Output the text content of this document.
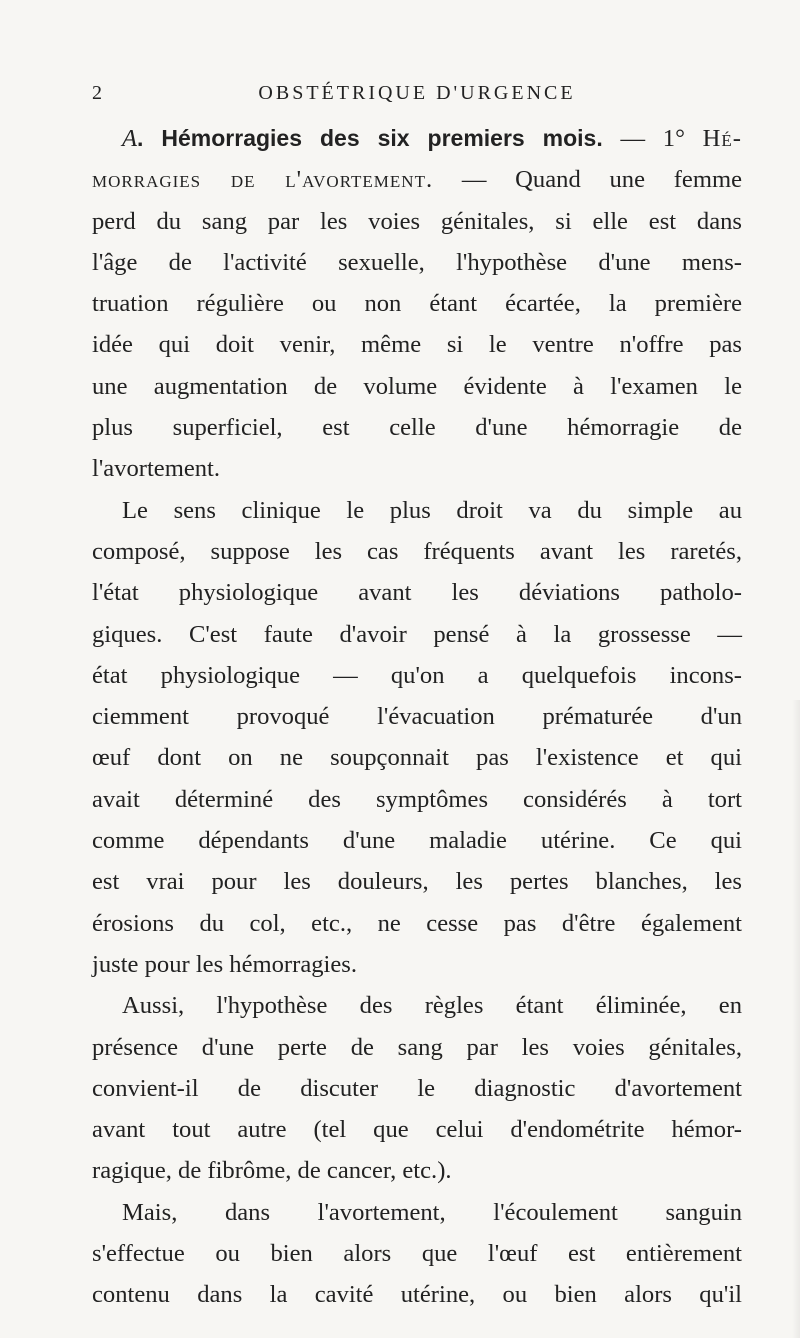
2	OBSTÉTRIQUE D'URGENCE
A. Hémorragies des six premiers mois. — 1° Hé-
morragies de l'avortement. — Quand une femme
perd du sang par les voies génitales, si elle est dans
l'âge de l'activité sexuelle, l'hypothèse d'une mens-
truation régulière ou non étant écartée, la première
idée qui doit venir, même si le ventre n'offre pas
une augmentation de volume évidente à l'examen le
plus superficiel, est celle d'une hémorragie de
l'avortement.
Le sens clinique le plus droit va du simple au
composé, suppose les cas fréquents avant les raretés,
l'état physiologique avant les déviations patholo-
giques. C'est faute d'avoir pensé à la grossesse —
état physiologique — qu'on a quelquefois incons-
ciemment provoqué l'évacuation prématurée d'un
œuf dont on ne soupçonnait pas l'existence et qui
avait déterminé des symptômes considérés à tort
comme dépendants d'une maladie utérine. Ce qui
est vrai pour les douleurs, les pertes blanches, les
érosions du col, etc., ne cesse pas d'être également
juste pour les hémorragies.
Aussi, l'hypothèse des règles étant éliminée, en
présence d'une perte de sang par les voies génitales,
convient-il de discuter le diagnostic d'avortement
avant tout autre (tel que celui d'endométrite hémor-
ragique, de fibrôme, de cancer, etc.).
Mais, dans l'avortement, l'écoulement sanguin
s'effectue ou bien alors que l'œuf est entièrement
contenu dans la cavité utérine, ou bien alors qu'il
